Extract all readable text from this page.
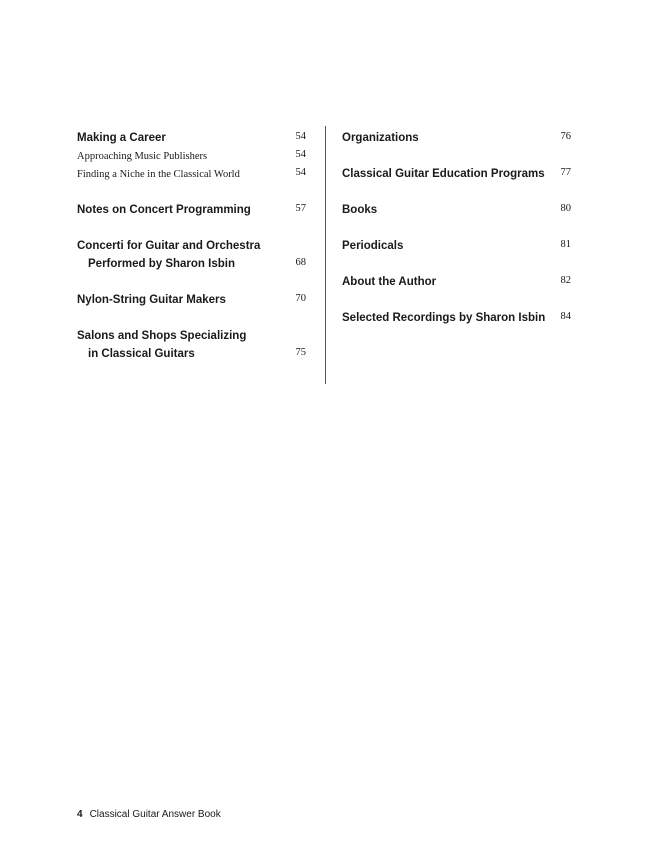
Making a Career	54
Approaching Music Publishers	54
Finding a Niche in the Classical World	54
Notes on Concert Programming	57
Concerti for Guitar and Orchestra
Performed by Sharon Isbin	68
Nylon-String Guitar Makers	70
Salons and Shops Specializing
in Classical Guitars	75
Organizations	76
Classical Guitar Education Programs 77
Books	80
Periodicals	81
About the Author	82
Selected Recordings by Sharon Isbin 84
4 Classical Guitar Answer Book
